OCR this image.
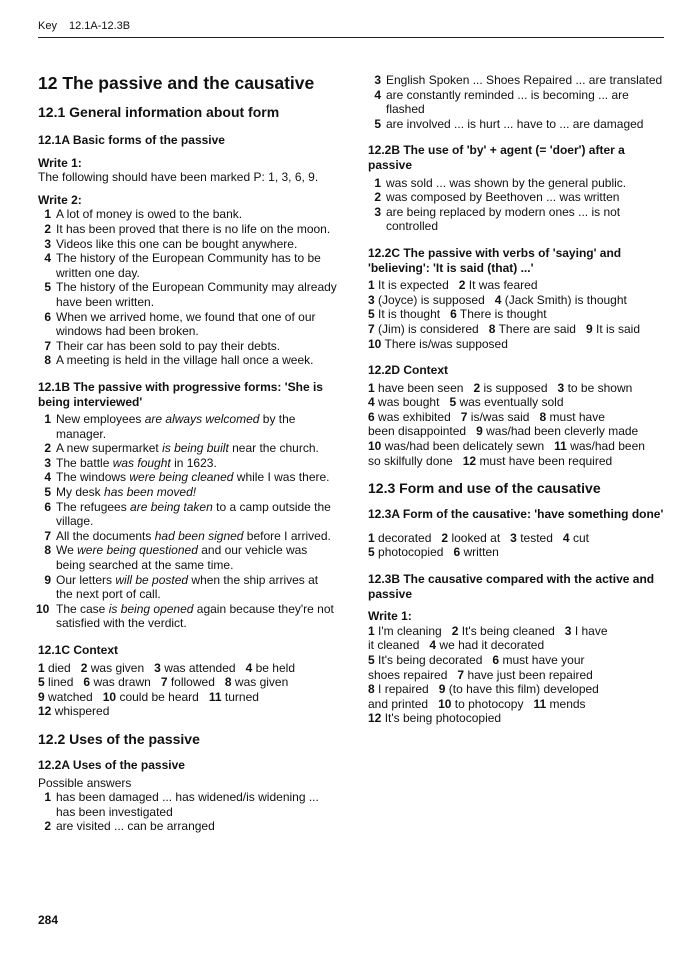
Key 12.1A-12.3B
12 The passive and the causative
12.1 General information about form
12.1A Basic forms of the passive
Write 1:
The following should have been marked P: 1, 3, 6, 9.
Write 2:
1 A lot of money is owed to the bank.
2 It has been proved that there is no life on the moon.
3 Videos like this one can be bought anywhere.
4 The history of the European Community has to be written one day.
5 The history of the European Community may already have been written.
6 When we arrived home, we found that one of our windows had been broken.
7 Their car has been sold to pay their debts.
8 A meeting is held in the village hall once a week.
12.1B The passive with progressive forms: 'She is being interviewed'
1 New employees are always welcomed by the manager.
2 A new supermarket is being built near the church.
3 The battle was fought in 1623.
4 The windows were being cleaned while I was there.
5 My desk has been moved!
6 The refugees are being taken to a camp outside the village.
7 All the documents had been signed before I arrived.
8 We were being questioned and our vehicle was being searched at the same time.
9 Our letters will be posted when the ship arrives at the next port of call.
10 The case is being opened again because they're not satisfied with the verdict.
12.1C Context
1 died 2 was given 3 was attended 4 be held
5 lined 6 was drawn 7 followed 8 was given
9 watched 10 could be heard 11 turned
12 whispered
12.2 Uses of the passive
12.2A Uses of the passive
Possible answers
1 has been damaged ... has widened/is widening ... has been investigated
2 are visited ... can be arranged
3 English Spoken ... Shoes Repaired ... are translated
4 are constantly reminded ... is becoming ... are flashed
5 are involved ... is hurt ... have to ... are damaged
12.2B The use of 'by' + agent (= 'doer') after a passive
1 was sold ... was shown by the general public.
2 was composed by Beethoven ... was written
3 are being replaced by modern ones ... is not controlled
12.2C The passive with verbs of 'saying' and 'believing': 'It is said (that) ...'
1 It is expected 2 It was feared
3 (Joyce) is supposed 4 (Jack Smith) is thought
5 It is thought 6 There is thought
7 (Jim) is considered 8 There are said 9 It is said
10 There is/was supposed
12.2D Context
1 have been seen 2 is supposed 3 to be shown
4 was bought 5 was eventually sold
6 was exhibited 7 is/was said 8 must have
been disappointed 9 was/had been cleverly made
10 was/had been delicately sewn 11 was/had been
so skilfully done 12 must have been required
12.3 Form and use of the causative
12.3A Form of the causative: 'have something done'
1 decorated 2 looked at 3 tested 4 cut
5 photocopied 6 written
12.3B The causative compared with the active and passive
Write 1:
1 I'm cleaning 2 It's being cleaned 3 I have
it cleaned 4 we had it decorated
5 It's being decorated 6 must have your
shoes repaired 7 have just been repaired
8 I repaired 9 (to have this film) developed
and printed 10 to photocopy 11 mends
12 It's being photocopied
284
